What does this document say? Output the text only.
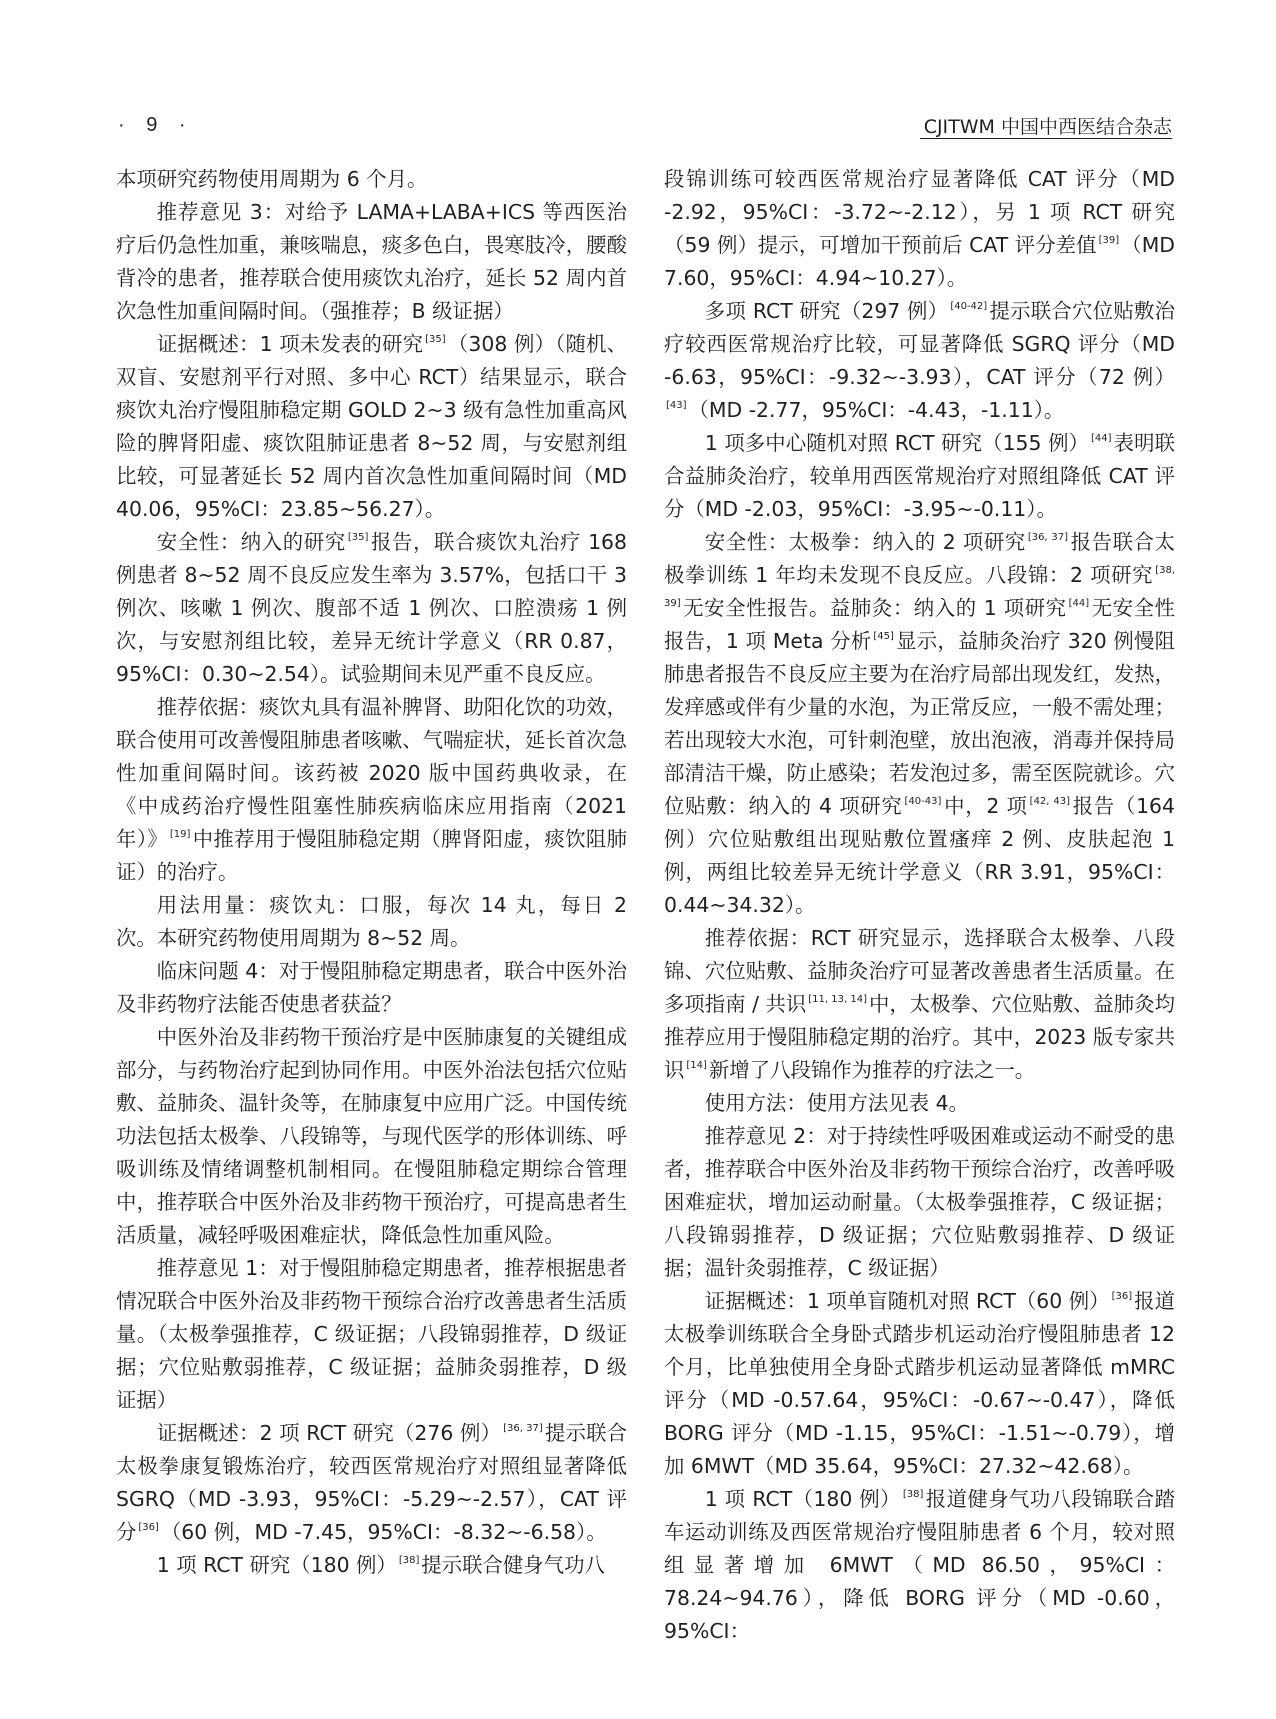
· 9 ·	CJITWM 中国中西医结合杂志

本项研究药物使用周期为 6 个月。

推荐意见 3：对给予 LAMA+LABA+ICS 等西医治疗后仍急性加重，兼咳喘息，痰多色白，畏寒肢冷，腰酸背冷的患者，推荐联合使用痰饮丸治疗，延长 52 周内首次急性加重间隔时间。（强推荐；B 级证据）

证据概述：1 项未发表的研究 [35]（308 例）（随机、双盲、安慰剂平行对照、多中心 RCT）结果显示，联合痰饮丸治疗慢阻肺稳定期 GOLD 2~3 级有急性加重高风险的脾肾阳虚、痰饮阻肺证患者 8~52 周，与安慰剂组比较，可显著延长 52 周内首次急性加重间隔时间（MD 40.06，95%CI：23.85~56.27）。

安全性：纳入的研究 [35]报告，联合痰饮丸治疗 168 例患者 8~52 周不良反应发生率为 3.57%，包括口干 3 例次、咳嗽 1 例次、腹部不适 1 例次、口腔溃疡 1 例次，与安慰剂组比较，差异无统计学意义（RR 0.87，95%CI：0.30~2.54）。试验期间未见严重不良反应。

推荐依据：痰饮丸具有温补脾肾、助阳化饮的功效，联合使用可改善慢阻肺患者咳嗽、气喘症状，延长首次急性加重间隔时间。该药被 2020 版中国药典收录，在《中成药治疗慢性阻塞性肺疾病临床应用指南（2021 年）》 [19]中推荐用于慢阻肺稳定期（脾肾阳虚，痰饮阻肺证）的治疗。

用法用量：痰饮丸：口服，每次 14 丸，每日 2 次。本研究药物使用周期为 8~52 周。

临床问题 4：对于慢阻肺稳定期患者，联合中医外治及非药物疗法能否使患者获益？

中医外治及非药物干预治疗是中医肺康复的关键组成部分，与药物治疗起到协同作用。中医外治法包括穴位贴敷、益肺灸、温针灸等，在肺康复中应用广泛。中国传统功法包括太极拳、八段锦等，与现代医学的形体训练、呼吸训练及情绪调整机制相同。在慢阻肺稳定期综合管理中，推荐联合中医外治及非药物干预治疗，可提高患者生活质量，减轻呼吸困难症状，降低急性加重风险。

推荐意见 1：对于慢阻肺稳定期患者，推荐根据患者情况联合中医外治及非药物干预综合治疗改善患者生活质量。（太极拳强推荐，C 级证据；八段锦弱推荐，D 级证据；穴位贴敷弱推荐，C 级证据；益肺灸弱推荐，D 级证据）

证据概述：2 项 RCT 研究（276 例） [36, 37]提示联合太极拳康复锻炼治疗，较西医常规治疗对照组显著降低 SGRQ（MD -3.93，95%CI：-5.29~-2.57），CAT 评分 [36]（60 例，MD -7.45，95%CI：-8.32~-6.58）。

1 项 RCT 研究（180 例） [38]提示联合健身气功八

段锦训练可较西医常规治疗显著降低 CAT 评分（MD -2.92，95%CI：-3.72~-2.12），另 1 项 RCT 研究（59 例）提示，可增加干预前后 CAT 评分差值 [39]（MD 7.60，95%CI：4.94~10.27）。

多项 RCT 研究（297 例） [40-42]提示联合穴位贴敷治疗较西医常规治疗比较，可显著降低 SGRQ 评分（MD -6.63，95%CI：-9.32~-3.93），CAT 评分（72 例）[43]（MD -2.77，95%CI：-4.43，-1.11）。

1 项多中心随机对照 RCT 研究（155 例） [44]表明联合益肺灸治疗，较单用西医常规治疗对照组降低 CAT 评分（MD -2.03，95%CI：-3.95~-0.11）。

安全性：太极拳：纳入的 2 项研究 [36, 37]报告联合太极拳训练 1 年均未发现不良反应。八段锦：2 项研究 [38, 39]无安全性报告。益肺灸：纳入的 1 项研究 [44]无安全性报告，1 项 Meta 分析 [45]显示，益肺灸治疗 320 例慢阻肺患者报告不良反应主要为在治疗局部出现发红，发热，发痒感或伴有少量的水泡，为正常反应，一般不需处理；若出现较大水泡，可针刺泡壁，放出泡液，消毒并保持局部清洁干燥，防止感染；若发泡过多，需至医院就诊。穴位贴敷：纳入的 4 项研究 [40-43]中，2 项 [42, 43]报告（164 例）穴位贴敷组出现贴敷位置瘙痒 2 例、皮肤起泡 1 例，两组比较差异无统计学意义（RR 3.91，95%CI：0.44~34.32）。

推荐依据：RCT 研究显示，选择联合太极拳、八段锦、穴位贴敷、益肺灸治疗可显著改善患者生活质量。在多项指南 / 共识 [11, 13, 14]中，太极拳、穴位贴敷、益肺灸均推荐应用于慢阻肺稳定期的治疗。其中，2023 版专家共识 [14]新增了八段锦作为推荐的疗法之一。

使用方法：使用方法见表 4。

推荐意见 2：对于持续性呼吸困难或运动不耐受的患者，推荐联合中医外治及非药物干预综合治疗，改善呼吸困难症状，增加运动耐量。（太极拳强推荐，C 级证据；八段锦弱推荐，D 级证据；穴位贴敷弱推荐、D 级证据；温针灸弱推荐，C 级证据）

证据概述：1 项单盲随机对照 RCT（60 例） [36]报道太极拳训练联合全身卧式踏步机运动治疗慢阻肺患者 12 个月，比单独使用全身卧式踏步机运动显著降低 mMRC 评分（MD -0.57.64，95%CI：-0.67~-0.47），降低 BORG 评分（MD -1.15，95%CI：-1.51~-0.79），增加 6MWT（MD 35.64，95%CI：27.32~42.68）。

1 项 RCT（180 例） [38]报道健身气功八段锦联合踏车运动训练及西医常规治疗慢阻肺患者 6 个月，较对照组显著增加 6MWT（MD 86.50，95%CI：78.24~94.76），降低 BORG 评分（MD -0.60，95%CI：
